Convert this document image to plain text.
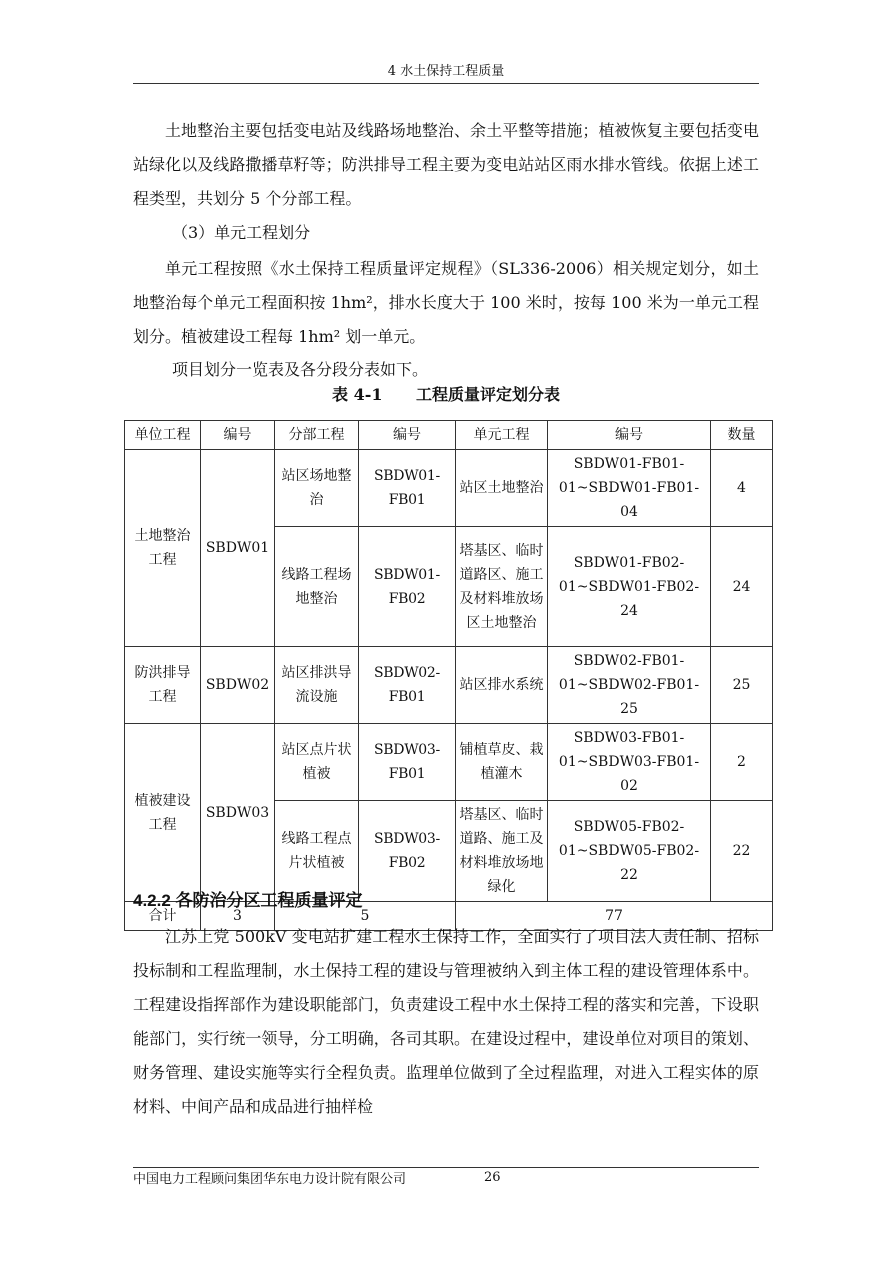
4 水土保持工程质量

土地整治主要包括变电站及线路场地整治、余土平整等措施；植被恢复主要包括变电站绿化以及线路撒播草籽等；防洪排导工程主要为变电站站区雨水排水管线。依据上述工程类型，共划分 5 个分部工程。

（3）单元工程划分

单元工程按照《水土保持工程质量评定规程》（SL336-2006）相关规定划分，如土地整治每个单元工程面积按 1hm²，排水长度大于 100 米时，按每 100 米为一单元工程划分。植被建设工程每 1hm² 划一单元。

项目划分一览表及各分段分表如下。

表 4-1      工程质量评定划分表
单位工程	编号	分部工程	编号	单元工程	编号	数量
土地整治工程	SBDW01	站区场地整治	SBDW01-FB01	站区土地整治	SBDW01-FB01-01~SBDW01-FB01-04	4
		线路工程场地整治	SBDW01-FB02	塔基区、临时道路区、施工及材料堆放场区土地整治	SBDW01-FB02-01~SBDW01-FB02-24	24
防洪排导工程	SBDW02	站区排洪导流设施	SBDW02-FB01	站区排水系统	SBDW02-FB01-01~SBDW02-FB01-25	25
植被建设工程	SBDW03	站区点片状植被	SBDW03-FB01	铺植草皮、栽植灌木	SBDW03-FB01-01~SBDW03-FB01-02	2
		线路工程点片状植被	SBDW03-FB02	塔基区、临时道路、施工及材料堆放场地绿化	SBDW05-FB02-01~SBDW05-FB02-22	22
合计	3	5		77		

4.2.2 各防治分区工程质量评定

江苏上党 500kV 变电站扩建工程水土保持工作，全面实行了项目法人责任制、招标投标制和工程监理制，水土保持工程的建设与管理被纳入到主体工程的建设管理体系中。工程建设指挥部作为建设职能部门，负责建设工程中水土保持工程的落实和完善，下设职能部门，实行统一领导，分工明确，各司其职。在建设过程中，建设单位对项目的策划、财务管理、建设实施等实行全程负责。监理单位做到了全过程监理，对进入工程实体的原材料、中间产品和成品进行抽样检

中国电力工程顾问集团华东电力设计院有限公司	26
